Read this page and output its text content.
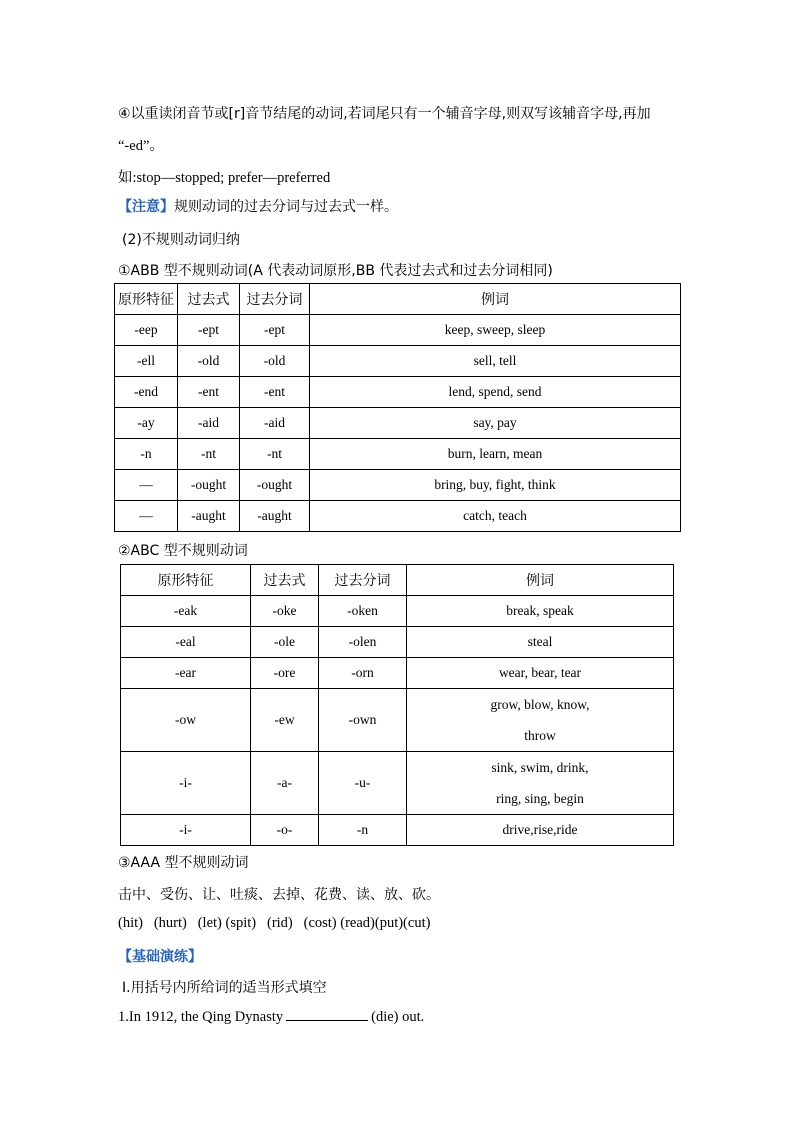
④以重读闭音节或[r]音节结尾的动词,若词尾只有一个辅音字母,则双写该辅音字母,再加
“-ed”。
如:stop—stopped; prefer—preferred
【注意】规则动词的过去分词与过去式一样。
(2)不规则动词归纳
①ABB 型不规则动词(A 代表动词原形,BB 代表过去式和过去分词相同)
原形特征	过去式	过去分词	例词
-eep	-ept	-ept	keep, sweep, sleep
-ell	-old	-old	sell, tell
-end	-ent	-ent	lend, spend, send
-ay	-aid	-aid	say, pay
-n	-nt	-nt	burn, learn, mean
—	-ought	-ought	bring, buy, fight, think
—	-aught	-aught	catch, teach
②ABC 型不规则动词
原形特征	过去式	过去分词	例词
-eak	-oke	-oken	break, speak
-eal	-ole	-olen	steal
-ear	-ore	-orn	wear, bear, tear
-ow	-ew	-own	grow, blow, know,
throw

-i-	-a-	-u-	sink, swim, drink,
ring, sing, begin

-i-	-o-	-n	drive,rise,ride
③AAA 型不规则动词
击中、受伤、让、吐痰、去掉、花费、读、放、砍。
(hit)   (hurt)   (let) (spit)   (rid)   (cost) (read)(put)(cut)
【基础演练】
Ⅰ.用括号内所给词的适当形式填空
1.In 1912, the Qing Dynasty	(die) out.
